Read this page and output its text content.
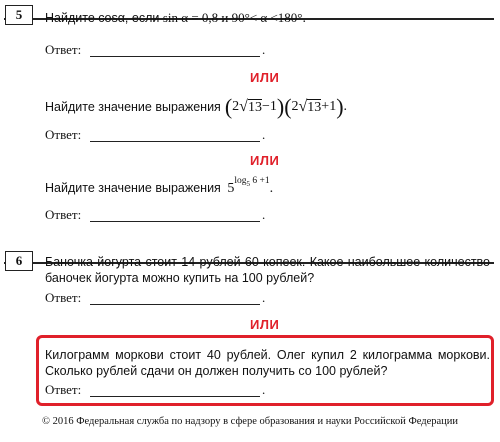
5	Найдите cosα, если sin α = 0,8 и 90°< α <180°.
Ответ:	.
ИЛИ
Найдите значение выражения ( 2 √ 13 −1 ) ( 2 √ 13 +1 ) .
Ответ:	.
ИЛИ
Найдите значение выражения $5^{log_5 6 +1}$.
Ответ:	.
6	Баночка йогурта стоит 14 рублей 60 копеек. Какое наибольшее количество
баночек йогурта можно купить на 100 рублей?
Ответ:	.
ИЛИ
Килограмм моркови стоит 40 рублей. Олег купил 2 килограмма моркови.
Сколько рублей сдачи он должен получить со 100 рублей?
Ответ:	.
© 2016 Федеральная служба по надзору в сфере образования и науки Российской Федерации
